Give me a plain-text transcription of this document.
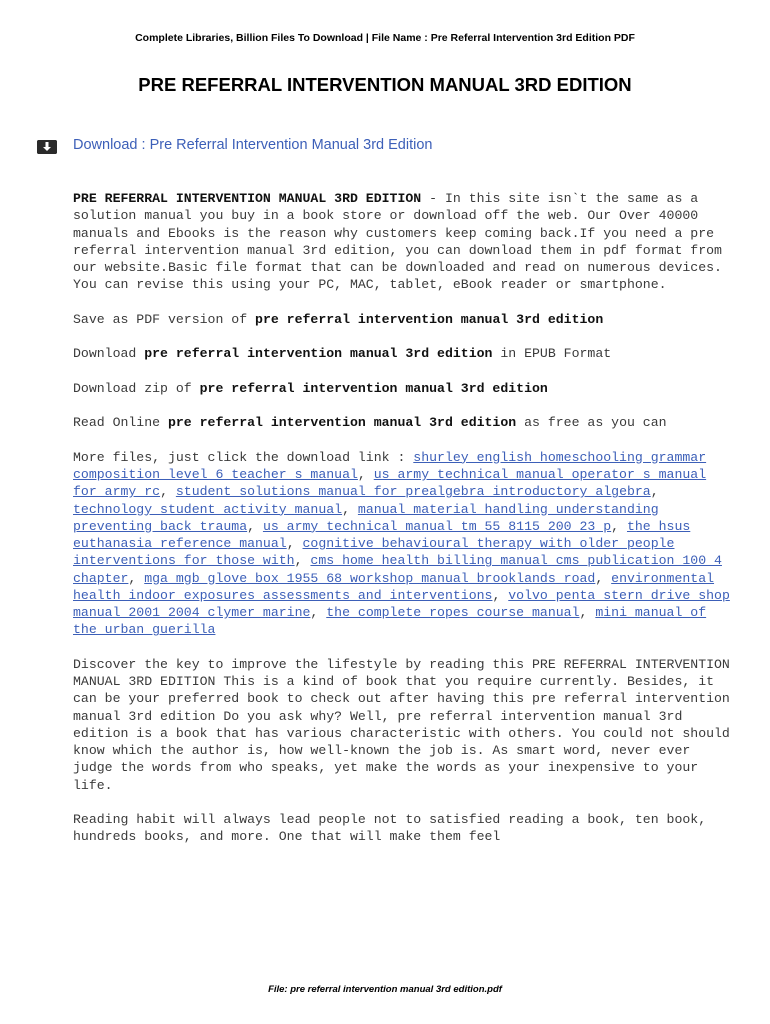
Complete Libraries, Billion Files To Download | File Name : Pre Referral Intervention 3rd Edition PDF
PRE REFERRAL INTERVENTION MANUAL 3RD EDITION
Download : Pre Referral Intervention Manual 3rd Edition

PRE REFERRAL INTERVENTION MANUAL 3RD EDITION - In this site isn`t the same as a solution manual you buy in a book store or download off the web. Our Over 40000 manuals and Ebooks is the reason why customers keep coming back.If you need a pre referral intervention manual 3rd edition, you can download them in pdf format from our website.Basic file format that can be downloaded and read on numerous devices. You can revise this using your PC, MAC, tablet, eBook reader or smartphone.

Save as PDF version of pre referral intervention manual 3rd edition

Download pre referral intervention manual 3rd edition in EPUB Format

Download zip of pre referral intervention manual 3rd edition

Read Online pre referral intervention manual 3rd edition as free as you can

More files, just click the download link : shurley english homeschooling grammar composition level 6 teacher s manual, us army technical manual operator s manual for army rc, student solutions manual for prealgebra introductory algebra, technology student activity manual, manual material handling understanding preventing back trauma, us army technical manual tm 55 8115 200 23 p, the hsus euthanasia reference manual, cognitive behavioural therapy with older people interventions for those with, cms home health billing manual cms publication 100 4 chapter, mga mgb glove box 1955 68 workshop manual brooklands road, environmental health indoor exposures assessments and interventions, volvo penta stern drive shop manual 2001 2004 clymer marine, the complete ropes course manual, mini manual of the urban guerilla

Discover the key to improve the lifestyle by reading this PRE REFERRAL INTERVENTION MANUAL 3RD EDITION This is a kind of book that you require currently. Besides, it can be your preferred book to check out after having this pre referral intervention manual 3rd edition Do you ask why? Well, pre referral intervention manual 3rd edition is a book that has various characteristic with others. You could not should know which the author is, how well-known the job is. As smart word, never ever judge the words from who speaks, yet make the words as your inexpensive to your life.

Reading habit will always lead people not to satisfied reading a book, ten book, hundreds books, and more. One that will make them feel

File: pre referral intervention manual 3rd edition.pdf
